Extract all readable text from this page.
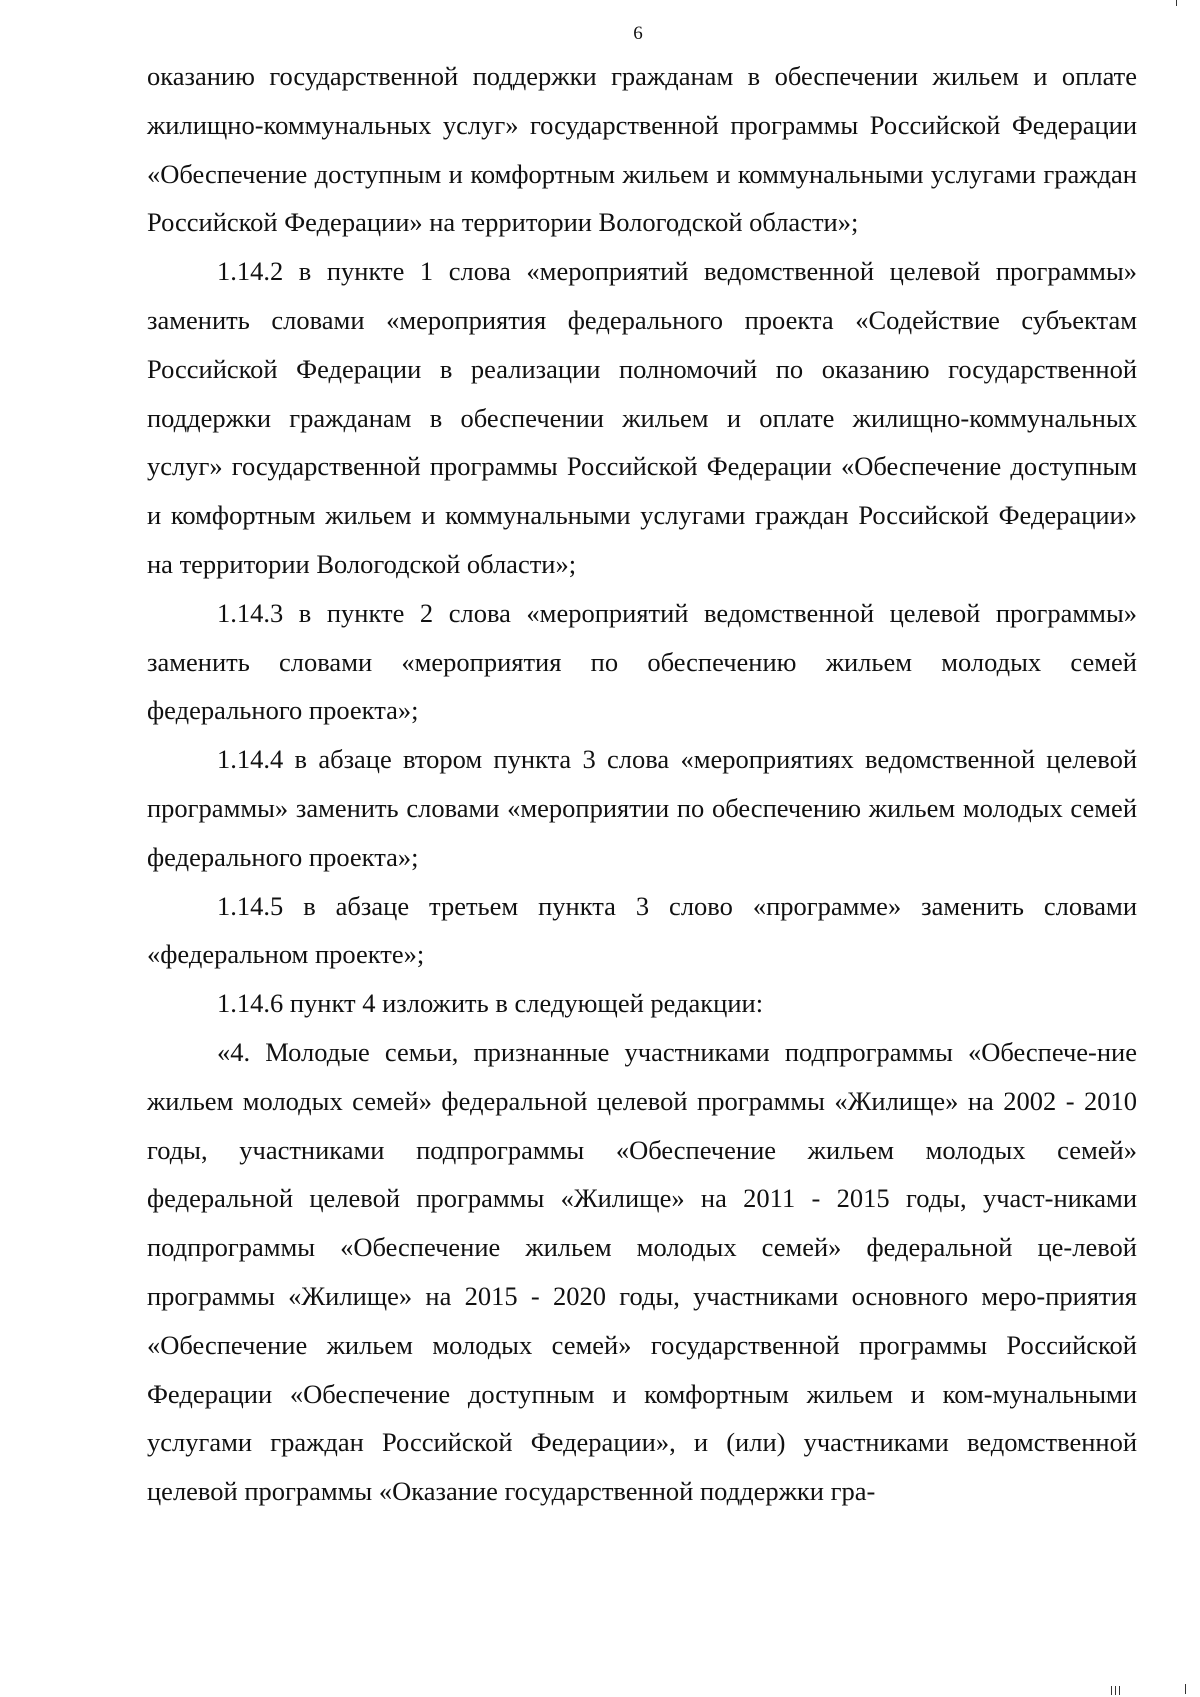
6

оказанию государственной поддержки гражданам в обеспечении жильем и оплате жилищно-коммунальных услуг» государственной программы Российской Федерации «Обеспечение доступным и комфортным жильем и коммунальными услугами граждан Российской Федерации» на территории Вологодской области»;

1.14.2 в пункте 1 слова «мероприятий ведомственной целевой программы» заменить словами «мероприятия федерального проекта «Содействие субъектам Российской Федерации в реализации полномочий по оказанию государственной поддержки гражданам в обеспечении жильем и оплате жилищно-коммунальных услуг» государственной программы Российской Федерации «Обеспечение доступным и комфортным жильем и коммунальными услугами граждан Российской Федерации» на территории Вологодской области»;

1.14.3 в пункте 2 слова «мероприятий ведомственной целевой программы» заменить словами «мероприятия по обеспечению жильем молодых семей федерального проекта»;

1.14.4 в абзаце втором пункта 3 слова «мероприятиях ведомственной целевой программы» заменить словами «мероприятии по обеспечению жильем молодых семей федерального проекта»;

1.14.5 в абзаце третьем пункта 3 слово «программе» заменить словами «федеральном проекте»;

1.14.6 пункт 4 изложить в следующей редакции:

«4. Молодые семьи, признанные участниками подпрограммы «Обеспече-ние жильем молодых семей» федеральной целевой программы «Жилище» на 2002 - 2010 годы, участниками подпрограммы «Обеспечение жильем молодых семей» федеральной целевой программы «Жилище» на 2011 - 2015 годы, участ-никами подпрограммы «Обеспечение жильем молодых семей» федеральной це-левой программы «Жилище» на 2015 - 2020 годы, участниками основного меро-приятия «Обеспечение жильем молодых семей» государственной программы Российской Федерации «Обеспечение доступным и комфортным жильем и ком-мунальными услугами граждан Российской Федерации», и (или) участниками ведомственной целевой программы «Оказание государственной поддержки гра-
